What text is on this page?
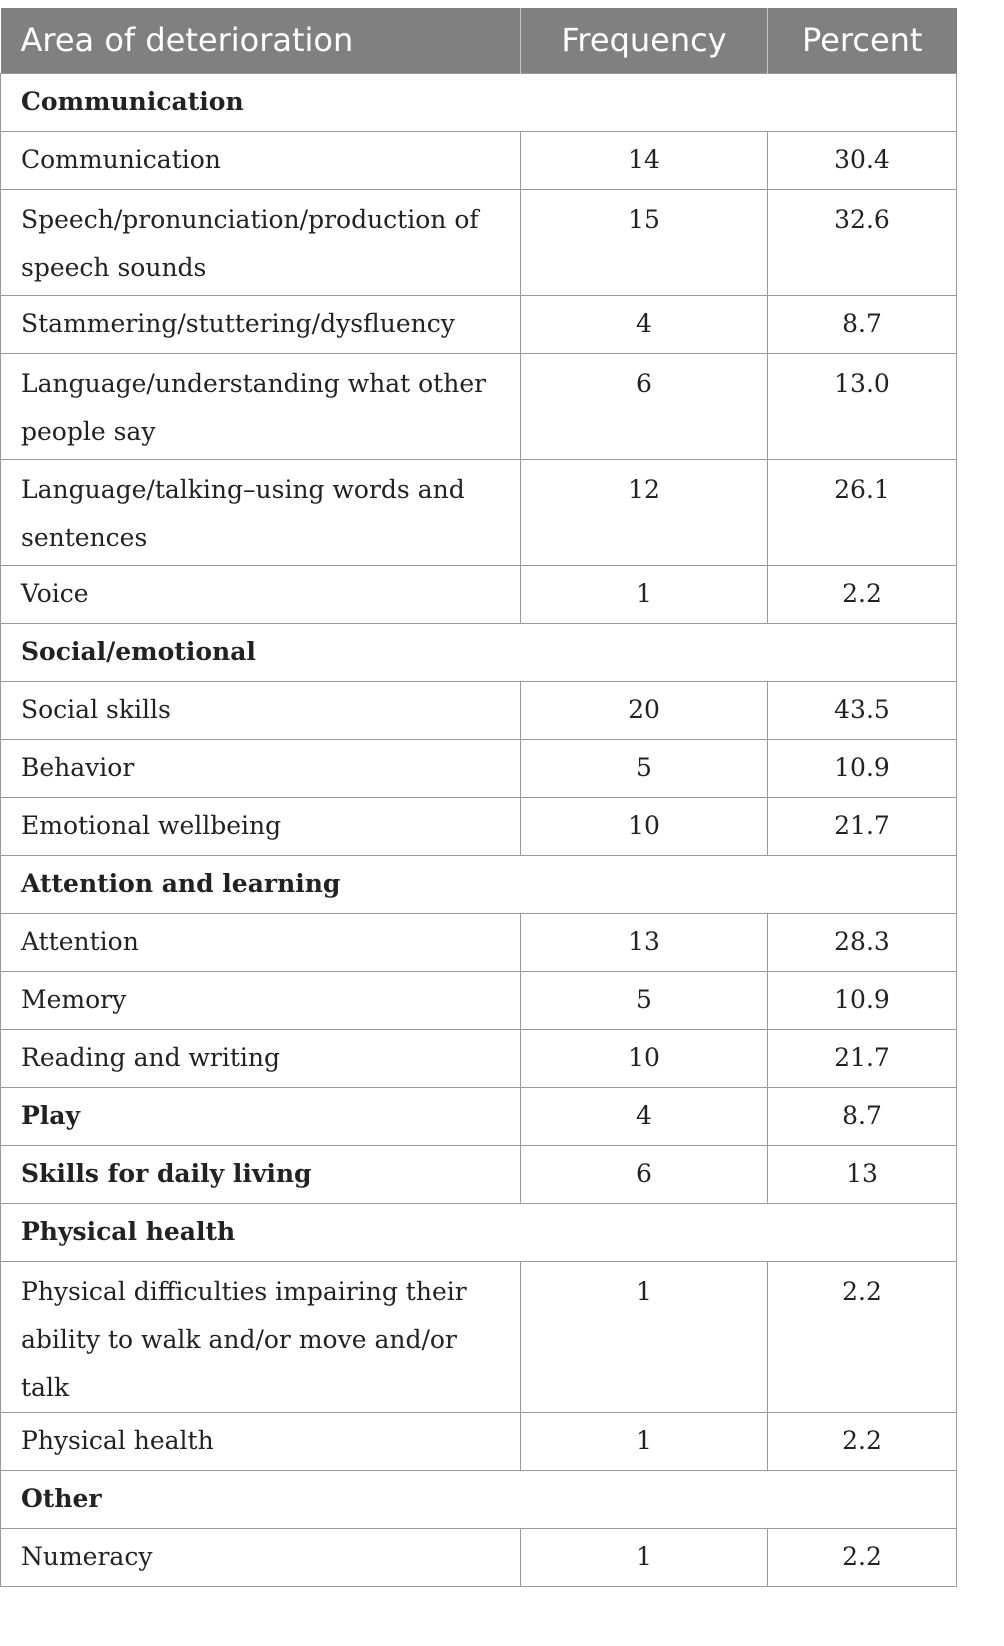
Area of deterioration	Frequency	Percent
Communication		
Communication	14	30.4
Speech/pronunciation/production of speech sounds	15	32.6
Stammering/stuttering/dysfluency	4	8.7
Language/understanding what other people say	6	13.0
Language/talking–using words and sentences	12	26.1
Voice	1	2.2
Social/emotional		
Social skills	20	43.5
Behavior	5	10.9
Emotional wellbeing	10	21.7
Attention and learning		
Attention	13	28.3
Memory	5	10.9
Reading and writing	10	21.7
Play	4	8.7
Skills for daily living	6	13
Physical health		
Physical difficulties impairing their ability to walk and/or move and/or talk	1	2.2
Physical health	1	2.2
Other		
Numeracy	1	2.2
